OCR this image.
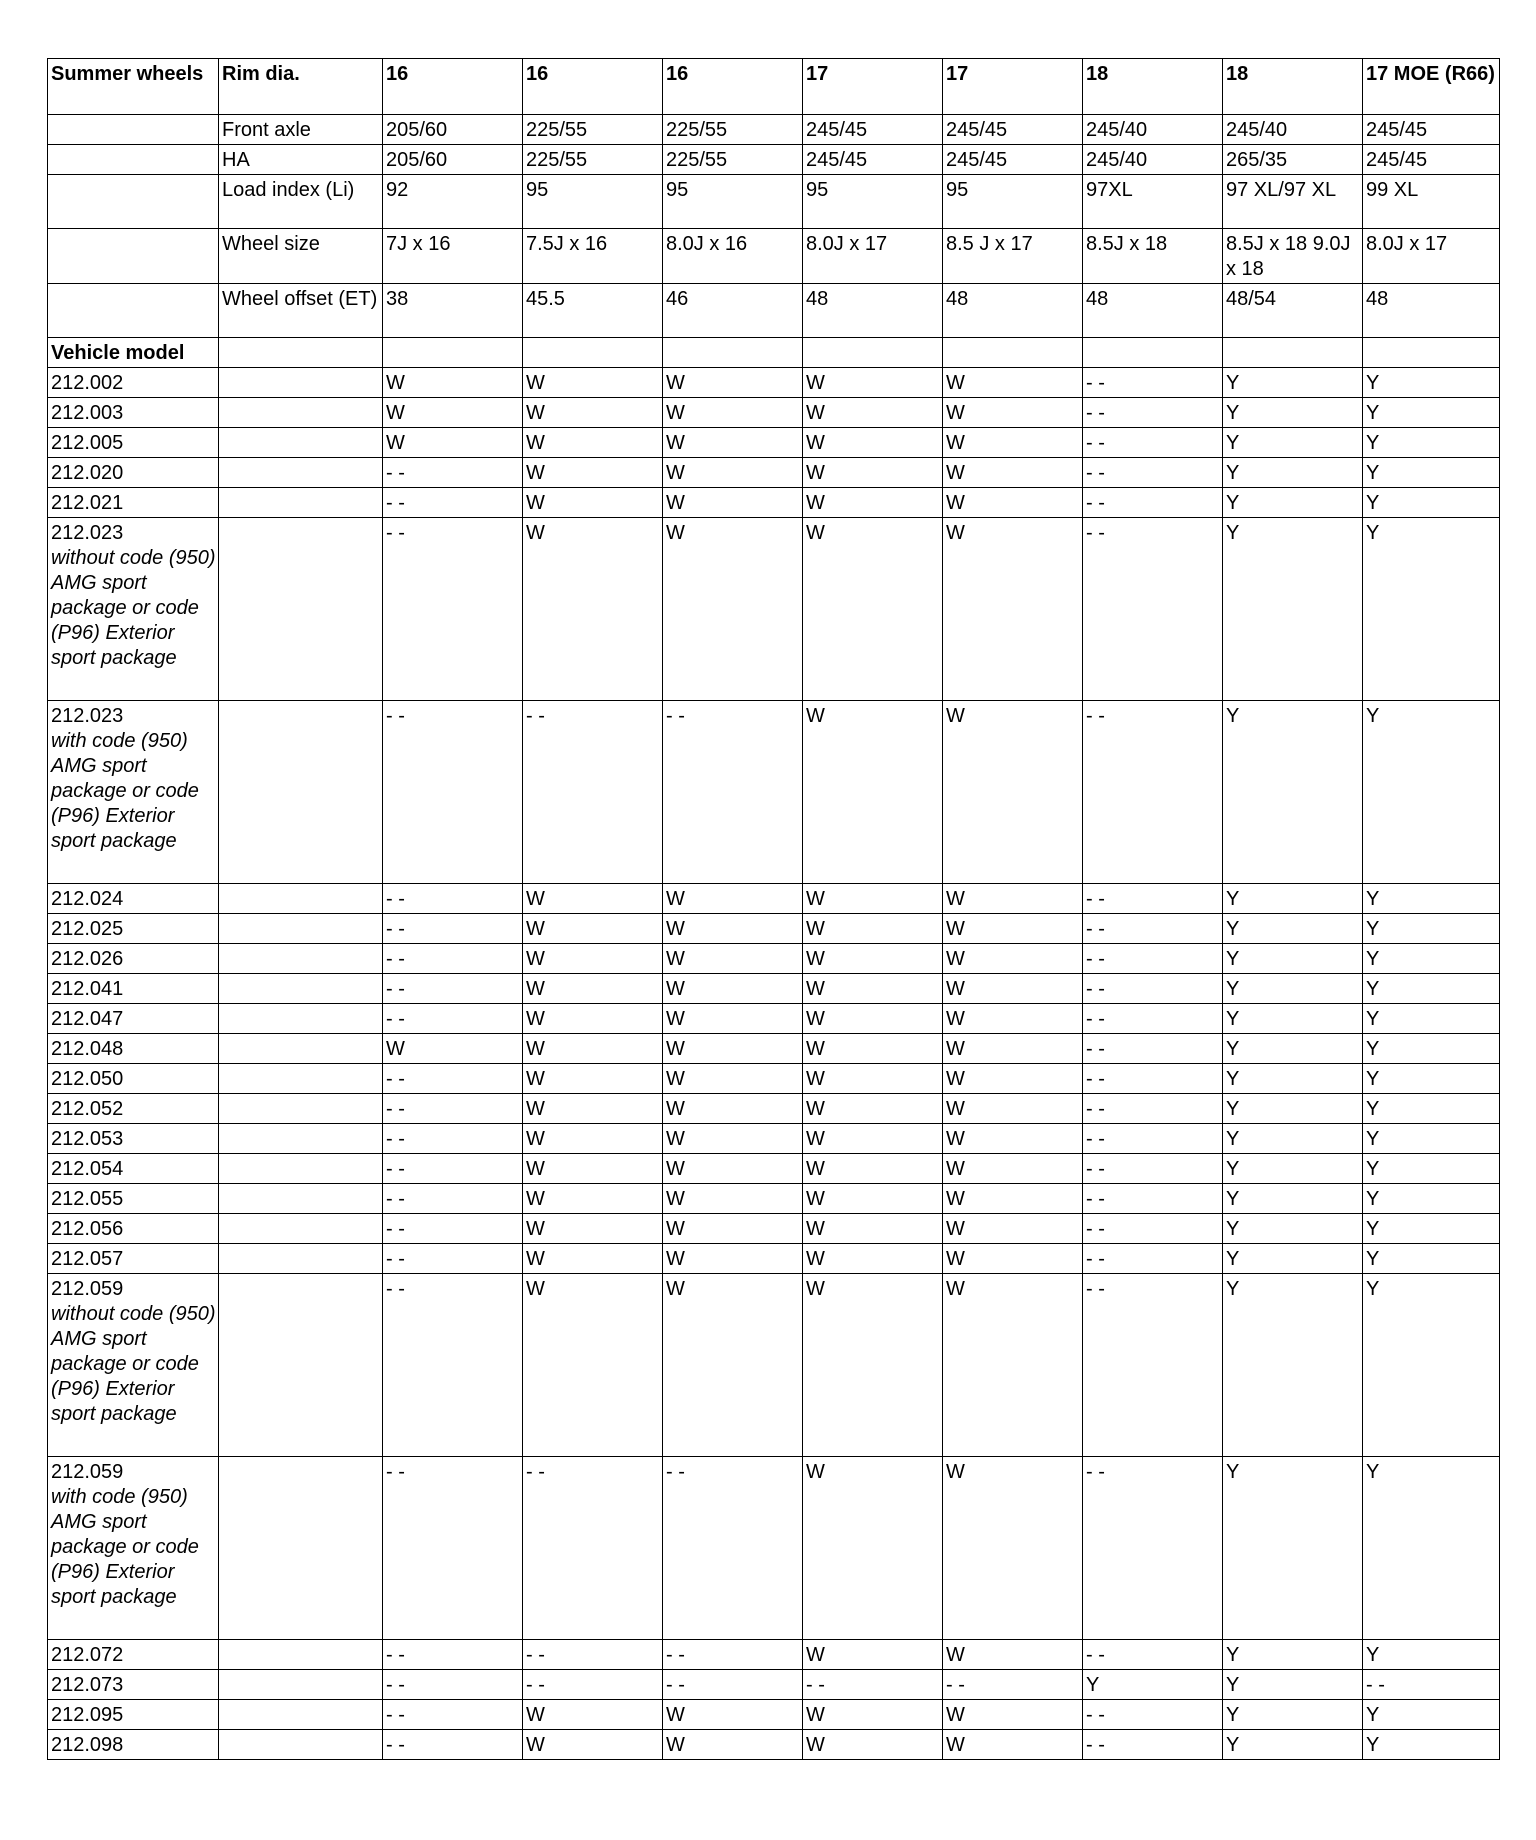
Summer wheels	Rim dia.	16	16	16	17	17	18	18	17 MOE (R66)
	Front axle	205/60	225/55	225/55	245/45	245/45	245/40	245/40	245/45
	HA	205/60	225/55	225/55	245/45	245/45	245/40	265/35	245/45
	Load index (Li)	92	95	95	95	95	97XL	97 XL/97 XL	99 XL
	Wheel size	7J x 16	7.5J x 16	8.0J x 16	8.0J x 17	8.5 J x 17	8.5J x 18	8.5J x 18 9.0J x 18	8.0J x 17
	Wheel offset (ET)	38	45.5	46	48	48	48	48/54	48
Vehicle model									

212.002		W	W	W	W	W	- -	Y	Y

212.003		W	W	W	W	W	- -	Y	Y

212.005		W	W	W	W	W	- -	Y	Y

212.020		- -	W	W	W	W	- -	Y	Y

212.021		- -	W	W	W	W	- -	Y	Y

212.023
without code (950) AMG sport package or code (P96) Exterior sport package		- -	W	W	W	W	- -	Y	Y

212.023
with code (950) AMG sport package or code (P96) Exterior sport package		- -	- -	- -	W	W	- -	Y	Y

212.024		- -	W	W	W	W	- -	Y	Y

212.025		- -	W	W	W	W	- -	Y	Y

212.026		- -	W	W	W	W	- -	Y	Y

212.041		- -	W	W	W	W	- -	Y	Y

212.047		- -	W	W	W	W	- -	Y	Y

212.048		W	W	W	W	W	- -	Y	Y

212.050		- -	W	W	W	W	- -	Y	Y

212.052		- -	W	W	W	W	- -	Y	Y

212.053		- -	W	W	W	W	- -	Y	Y

212.054		- -	W	W	W	W	- -	Y	Y

212.055		- -	W	W	W	W	- -	Y	Y

212.056		- -	W	W	W	W	- -	Y	Y

212.057		- -	W	W	W	W	- -	Y	Y

212.059
without code (950) AMG sport package or code (P96) Exterior sport package		- -	W	W	W	W	- -	Y	Y

212.059
with code (950) AMG sport package or code (P96) Exterior sport package		- -	- -	- -	W	W	- -	Y	Y

212.072		- -	- -	- -	W	W	- -	Y	Y

212.073		- -	- -	- -	- -	- -	Y	Y	- -

212.095		- -	W	W	W	W	- -	Y	Y

212.098		- -	W	W	W	W	- -	Y	Y
